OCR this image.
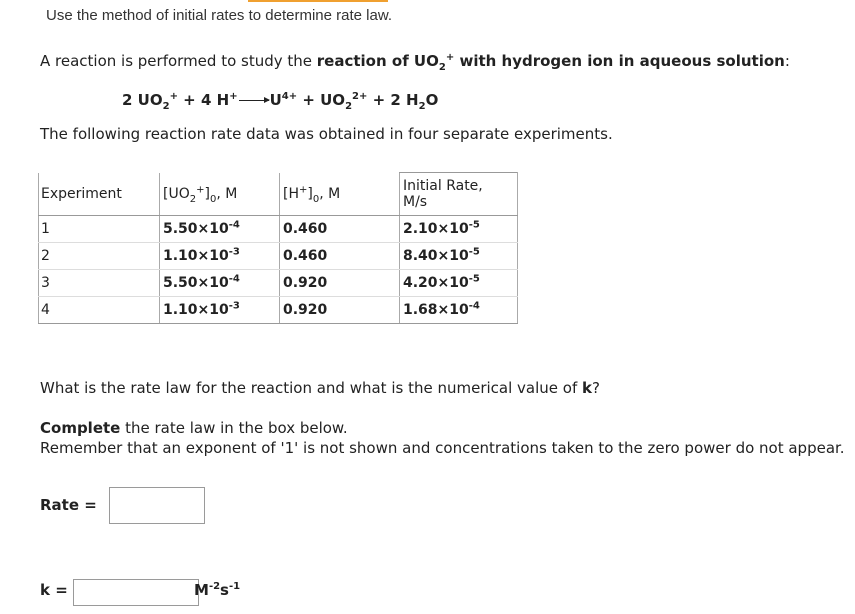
Use the method of initial rates to determine rate law.
A reaction is performed to study the reaction of $UO_2^+$ with hydrogen ion in aqueous solution:
2 $UO_2^+ + 4$ H+ $U^{4+} + UO_2^{2+} + 2$ $H_2O$
The following reaction rate data was obtained in four separate experiments.
Experiment	$[UO_2^+]_0$, M	$[H^+]_0$, M	Initial Rate,
M/s
1	$5.50\times 10^{-4}$	0.460	$2.10\times 10^{-5}$
2	$1.10\times 10^{-3}$	0.460	$8.40\times 10^{-5}$
3	$5.50\times 10^{-4}$	0.920	$4.20\times 10^{-5}$
4	$1.10\times 10^{-3}$	0.920	$1.68\times 10^{-4}$
What is the rate law for the reaction and what is the numerical value of k?
Complete the rate law in the box below.
Remember that an exponent of '1' is not shown and concentrations taken to the zero power do not appear.
Rate =
k =	$M^{-2}s^{-1}$
